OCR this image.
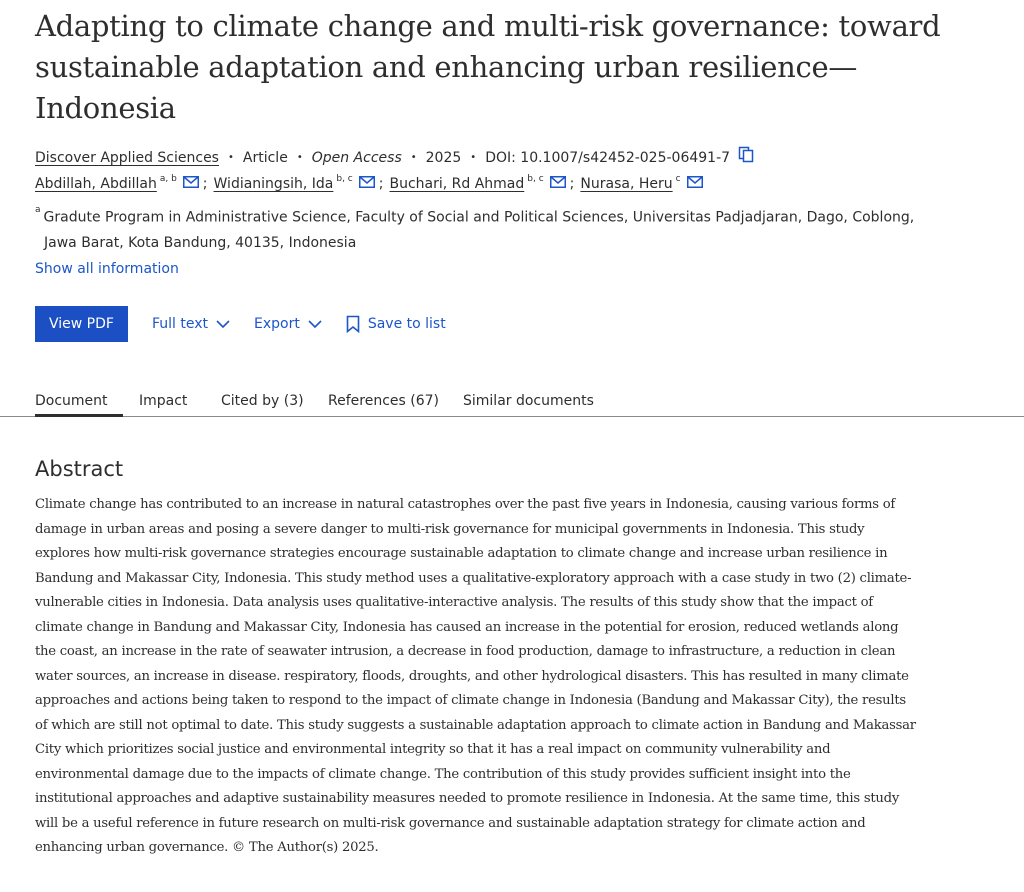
Adapting to climate change and multi-risk governance: toward sustainable adaptation and enhancing urban resilience—Indonesia
Discover Applied Sciences • Article • Open Access • 2025 • DOI: 10.1007/s42452-025-06491-7
Abdillah, Abdillah $^{a, b}$ ; Widianingsih, Ida $^{b, c}$ ; Buchari, Rd Ahmad $^{b, c}$ ; Nurasa, Heru $^c$
$^a$ Gradute Program in Administrative Science, Faculty of Social and Political Sciences, Universitas Padjadjaran, Dago, Coblong,
Jawa Barat, Kota Bandung, 40135, Indonesia
Show all information
View PDF	Full text	Export	Save to list
Document	Impact Cited by (3) References (67) Similar documents
Abstract

Climate change has contributed to an increase in natural catastrophes over the past five years in Indonesia, causing various forms of damage in urban areas and posing a severe danger to multi-risk governance for municipal governments in Indonesia. This study explores how multi-risk governance strategies encourage sustainable adaptation to climate change and increase urban resilience in Bandung and Makassar City, Indonesia. This study method uses a qualitative-exploratory approach with a case study in two (2) climate-vulnerable cities in Indonesia. Data analysis uses qualitative-interactive analysis. The results of this study show that the impact of climate change in Bandung and Makassar City, Indonesia has caused an increase in the potential for erosion, reduced wetlands along the coast, an increase in the rate of seawater intrusion, a decrease in food production, damage to infrastructure, a reduction in clean water sources, an increase in disease. respiratory, floods, droughts, and other hydrological disasters. This has resulted in many climate approaches and actions being taken to respond to the impact of climate change in Indonesia (Bandung and Makassar City), the results of which are still not optimal to date. This study suggests a sustainable adaptation approach to climate action in Bandung and Makassar City which prioritizes social justice and environmental integrity so that it has a real impact on community vulnerability and environmental damage due to the impacts of climate change. The contribution of this study provides sufficient insight into the institutional approaches and adaptive sustainability measures needed to promote resilience in Indonesia. At the same time, this study will be a useful reference in future research on multi-risk governance and sustainable adaptation strategy for climate action and enhancing urban governance. © The Author(s) 2025.
